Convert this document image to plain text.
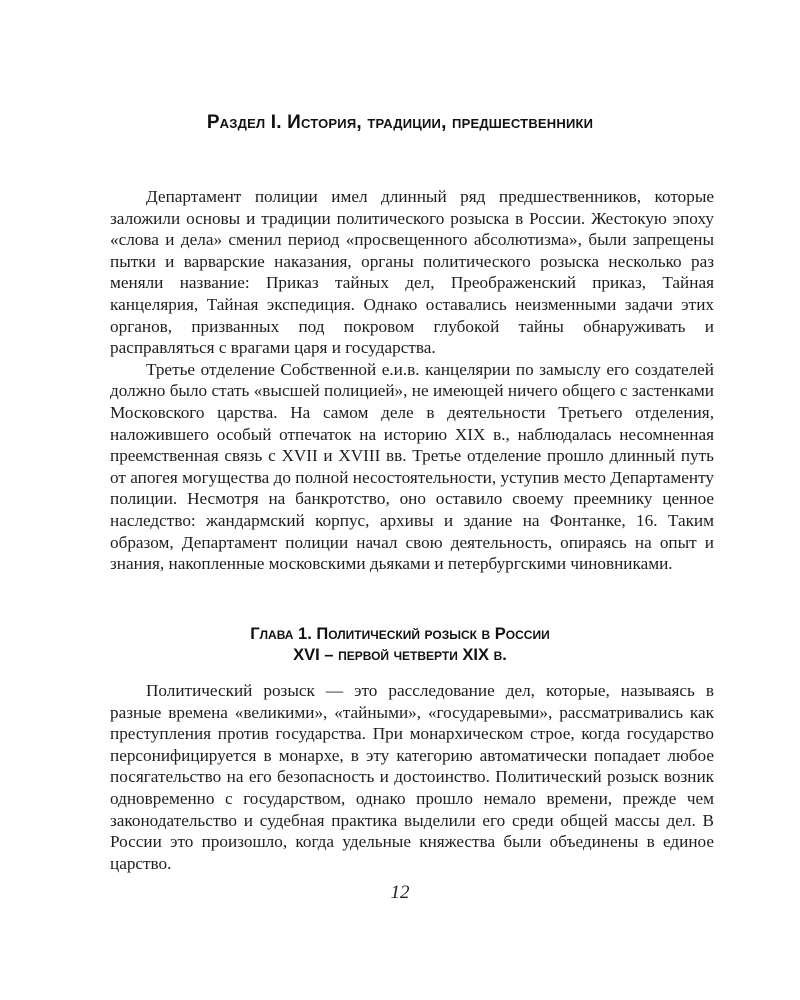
Раздел I. История, традиции, предшественники

Департамент полиции имел длинный ряд предшественников, которые заложили основы и традиции политического розыска в России. Жестокую эпоху «слова и дела» сменил период «просвещенного абсолютизма», были запрещены пытки и варварские наказания, органы политического розыска несколько раз меняли название: Приказ тайных дел, Преображенский приказ, Тайная канцелярия, Тайная экспедиция. Однако оставались неизменными задачи этих органов, призванных под покровом глубокой тайны обнаруживать и расправляться с врагами царя и государства.

Третье отделение Собственной е.и.в. канцелярии по замыслу его создателей должно было стать «высшей полицией», не имеющей ничего общего с застенками Московского царства. На самом деле в деятельности Третьего отделения, наложившего особый отпечаток на историю XIX в., наблюдалась несомненная преемственная связь с XVII и XVIII вв. Третье отделение прошло длинный путь от апогея могущества до полной несостоятельности, уступив место Департаменту полиции. Несмотря на банкротство, оно оставило своему преемнику ценное наследство: жандармский корпус, архивы и здание на Фонтанке, 16. Таким образом, Департамент полиции начал свою деятельность, опираясь на опыт и знания, накопленные московскими дьяками и петербургскими чиновниками.

Глава 1. Политический розыск в России
XVI – первой четверти XIX в.

Политический розыск — это расследование дел, которые, называясь в разные времена «великими», «тайными», «государевыми», рассматривались как преступления против государства. При монархическом строе, когда государство персонифицируется в монархе, в эту категорию автоматически попадает любое посягательство на его безопасность и достоинство. Политический розыск возник одновременно с государством, однако прошло немало времени, прежде чем законодательство и судебная практика выделили его среди общей массы дел. В России это произошло, когда удельные княжества были объединены в единое царство.

12
